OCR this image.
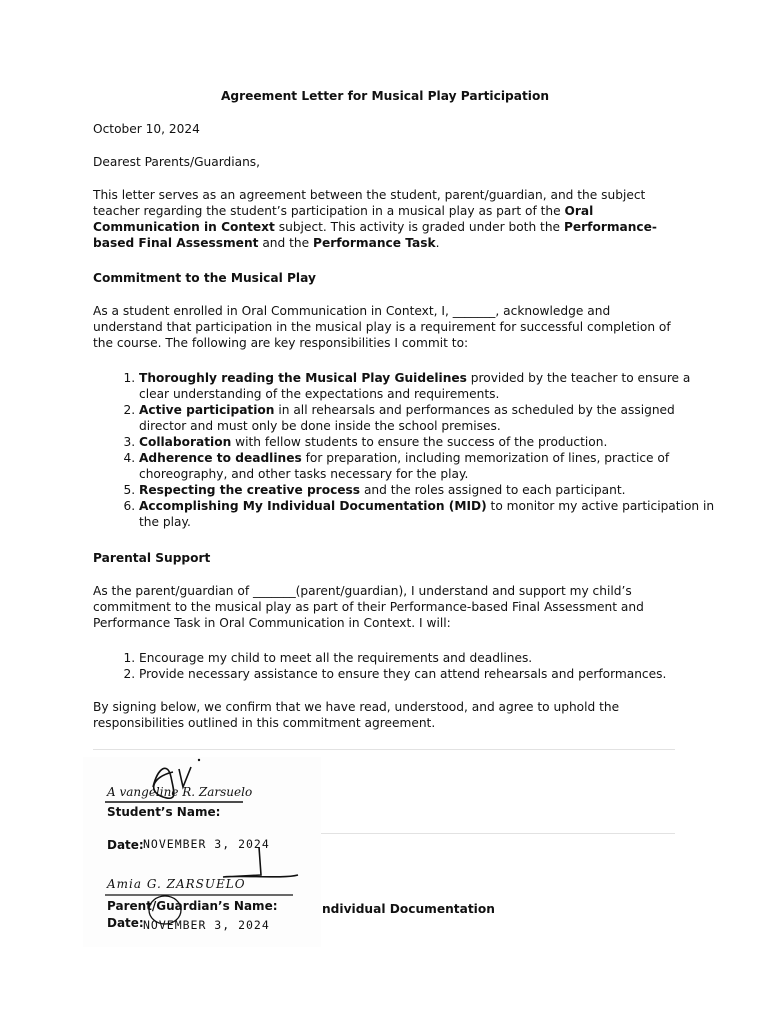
Agreement Letter for Musical Play Participation
October 10, 2024
Dearest Parents/Guardians,
This letter serves as an agreement between the student, parent/guardian, and the subject teacher regarding the student’s participation in a musical play as part of the Oral Communication in Context subject. This activity is graded under both the Performance-based Final Assessment and the Performance Task.
Commitment to the Musical Play
As a student enrolled in Oral Communication in Context, I, _______, acknowledge and understand that participation in the musical play is a requirement for successful completion of the course. The following are key responsibilities I commit to:
1. Thoroughly reading the Musical Play Guidelines provided by the teacher to ensure a clear understanding of the expectations and requirements.
2. Active participation in all rehearsals and performances as scheduled by the assigned director and must only be done inside the school premises.
3. Collaboration with fellow students to ensure the success of the production.
4. Adherence to deadlines for preparation, including memorization of lines, practice of choreography, and other tasks necessary for the play.
5. Respecting the creative process and the roles assigned to each participant.
6. Accomplishing My Individual Documentation (MID) to monitor my active participation in the play.
Parental Support
As the parent/guardian of _______(parent/guardian), I understand and support my child’s commitment to the musical play as part of their Performance-based Final Assessment and Performance Task in Oral Communication in Context. I will:
1. Encourage my child to meet all the requirements and deadlines.
2. Provide necessary assistance to ensure they can attend rehearsals and performances.
By signing below, we confirm that we have read, understood, and agree to uphold the responsibilities outlined in this commitment agreement.
A vangeline R. Zarsuelo
Student’s Name:
Date: NOVEMBER 3, 2024
Amia G. ZARSUELO
Parent/Guardian’s Name:
Date: NOVEMBER 3, 2024
ndividual Documentation
